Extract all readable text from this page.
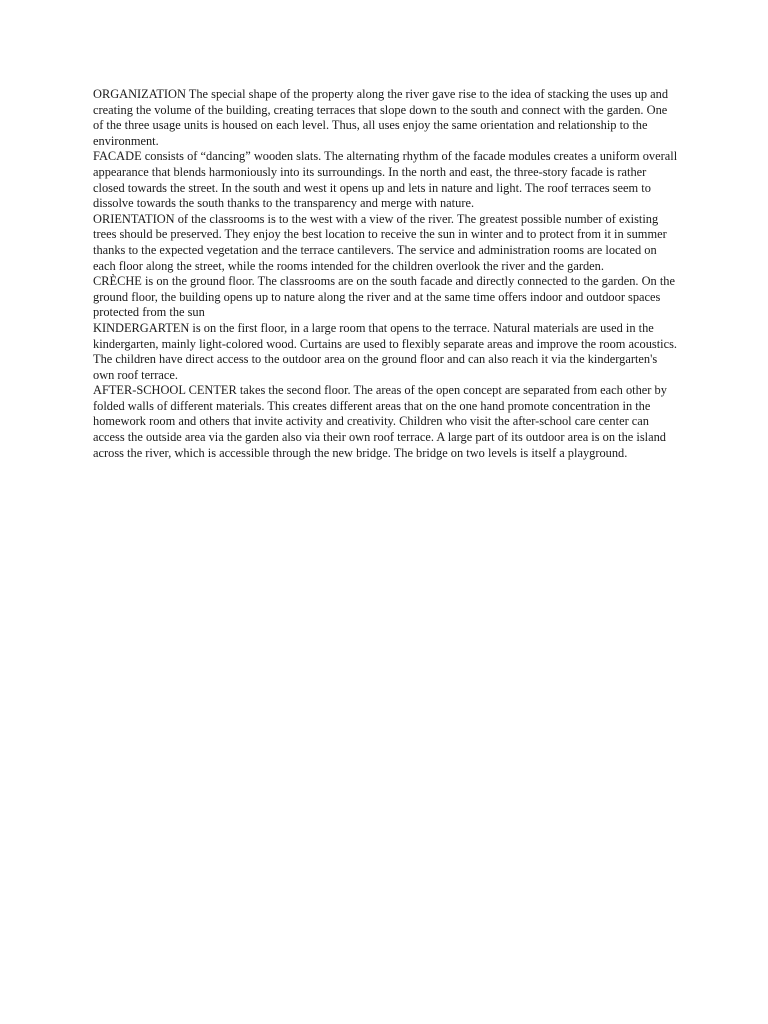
ORGANIZATION The special shape of the property along the river gave rise to the idea of stacking the uses up and creating the volume of the building, creating terraces that slope down to the south and connect with the garden. One of the three usage units is housed on each level. Thus, all uses enjoy the same orientation and relationship to the environment.

FACADE consists of “dancing” wooden slats. The alternating rhythm of the facade modules creates a uniform overall appearance that blends harmoniously into its surroundings. In the north and east, the three-story facade is rather closed towards the street. In the south and west it opens up and lets in nature and light. The roof terraces seem to dissolve towards the south thanks to the transparency and merge with nature.

ORIENTATION of the classrooms is to the west with a view of the river. The greatest possible number of existing trees should be preserved. They enjoy the best location to receive the sun in winter and to protect from it in summer thanks to the expected vegetation and the terrace cantilevers. The service and administration rooms are located on each floor along the street, while the rooms intended for the children overlook the river and the garden.

CRÈCHE is on the ground floor. The classrooms are on the south facade and directly connected to the garden. On the ground floor, the building opens up to nature along the river and at the same time offers indoor and outdoor spaces protected from the sun

KINDERGARTEN is on the first floor, in a large room that opens to the terrace. Natural materials are used in the kindergarten, mainly light-colored wood. Curtains are used to flexibly separate areas and improve the room acoustics. The children have direct access to the outdoor area on the ground floor and can also reach it via the kindergarten's own roof terrace.

AFTER-SCHOOL CENTER takes the second floor. The areas of the open concept are separated from each other by folded walls of different materials. This creates different areas that on the one hand promote concentration in the homework room and others that invite activity and creativity. Children who visit the after-school care center can access the outside area via the garden also via their own roof terrace. A large part of its outdoor area is on the island across the river, which is accessible through the new bridge. The bridge on two levels is itself a playground.
